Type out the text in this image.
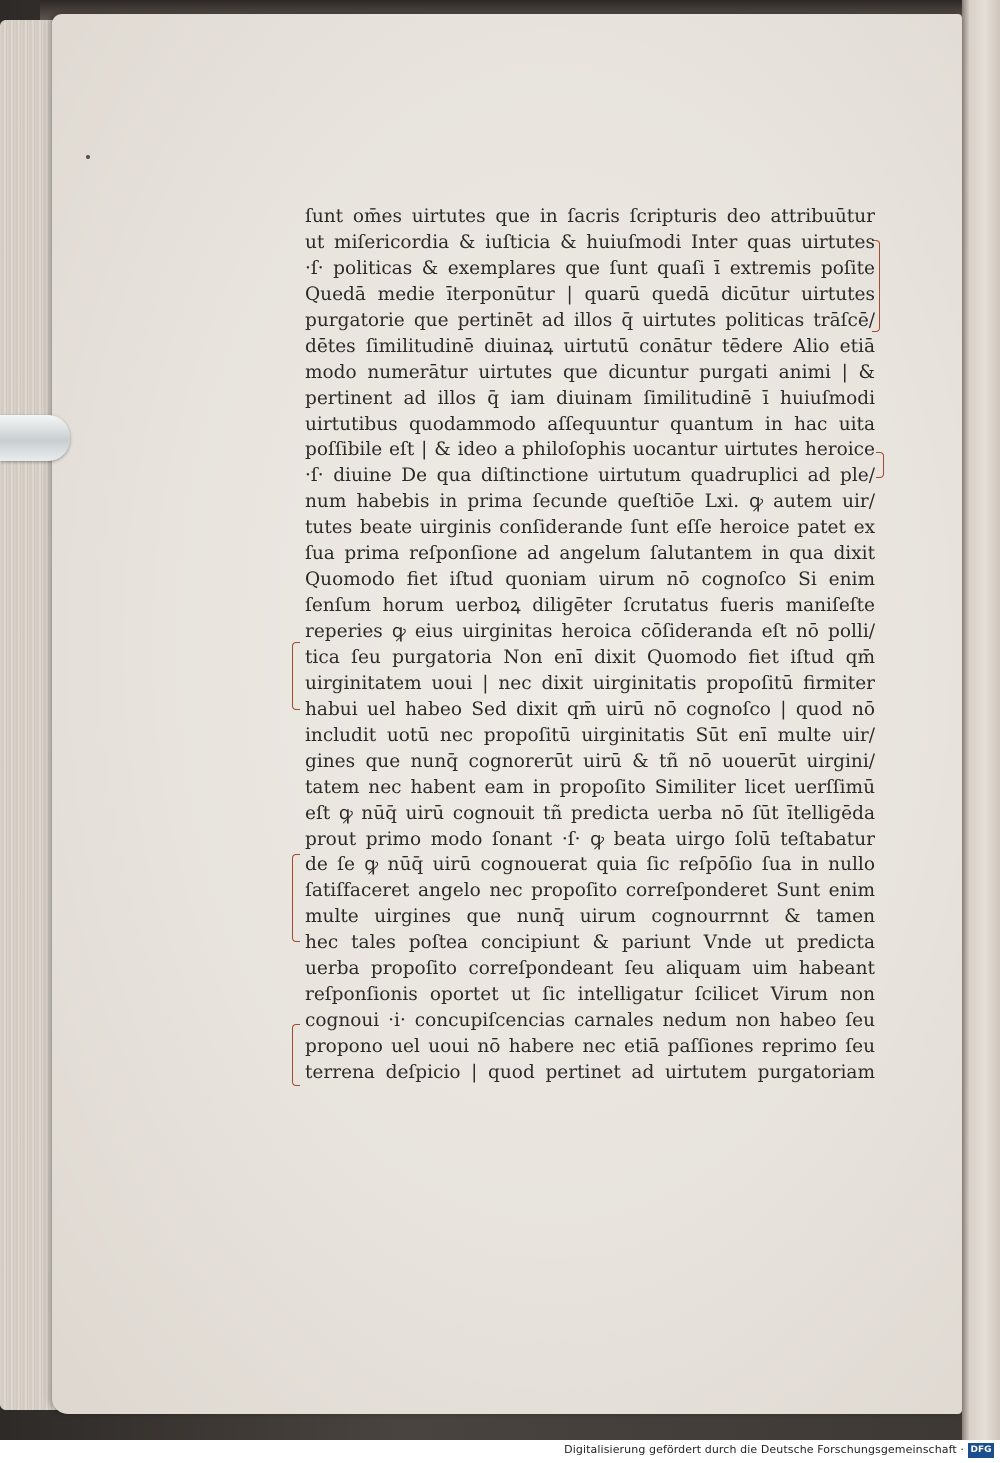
ſunt om̄es uirtutes que in ſacris ſcripturis deo attribuūtur
ut miſericordia & iuſticia & huiuſmodi Inter quas uirtutes
·ſ· politicas & exemplares que ſunt quaſi ī extremis poſite
Quedā medie īterponūtur | quarū quedā dicūtur uirtutes
purgatorie que pertinēt ad illos q̄ uirtutes politicas trāſcē/
dētes ſimilitudinē diuinaꝝ uirtutū conātur tēdere Alio etiā
modo numerātur uirtutes que dicuntur purgati animi | &
pertinent ad illos q̄ iam diuinam ſimilitudinē ī huiuſmodi
uirtutibus quodammodo aſſequuntur quantum in hac uita
poſſibile eſt | & ideo a philoſophis uocantur uirtutes heroice
·ſ· diuine De qua diſtinctione uirtutum quadruplici ad ple/
num habebis in prima ſecunde queſtiōe Lxi. ꝙ autem uir/
tutes beate uirginis conſiderande ſunt eſſe heroice patet ex
ſua prima reſponſione ad angelum ſalutantem in qua dixit
Quomodo fiet iſtud quoniam uirum nō cognoſco Si enim
ſenſum horum uerboꝝ diligēter ſcrutatus fueris maniſeſte
reperies ꝙ eius uirginitas heroica cōſideranda eſt nō polli/
tica ſeu purgatoria Non enī dixit Quomodo fiet iſtud qm̄
uirginitatem uoui | nec dixit uirginitatis propoſitū firmiter
habui uel habeo Sed dixit qm̄ uirū nō cognoſco | quod nō
includit uotū nec propoſitū uirginitatis Sūt enī multe uir/
gines que nunq̄ cognorerūt uirū & tñ nō uouerūt uirgini/
tatem nec habent eam in propoſito Similiter licet uerſſimū
eſt ꝙ nūq̄ uirū cognouit tñ predicta uerba nō ſūt ītelligēda
prout primo modo ſonant ·ſ· ꝙ beata uirgo ſolū teſtabatur
de ſe ꝙ nūq̄ uirū cognouerat quia ſic reſpōſio ſua in nullo
ſatiſfaceret angelo nec propoſito correſponderet Sunt enim
multe uirgines que nunq̄ uirum cognourrnnt & tamen
hec tales poſtea concipiunt & pariunt Vnde ut predicta
uerba propoſito correſpondeant ſeu aliquam uim habeant
reſponſionis oportet ut ſic intelligatur ſcilicet Virum non
cognoui ·i· concupiſcencias carnales nedum non habeo ſeu
propono uel uoui nō habere nec etiā paſſiones reprimo ſeu
terrena deſpicio | quod pertinet ad uirtutem purgatoriam
Digitalisierung gefördert durch die Deutsche Forschungsgemeinschaft · DFG
